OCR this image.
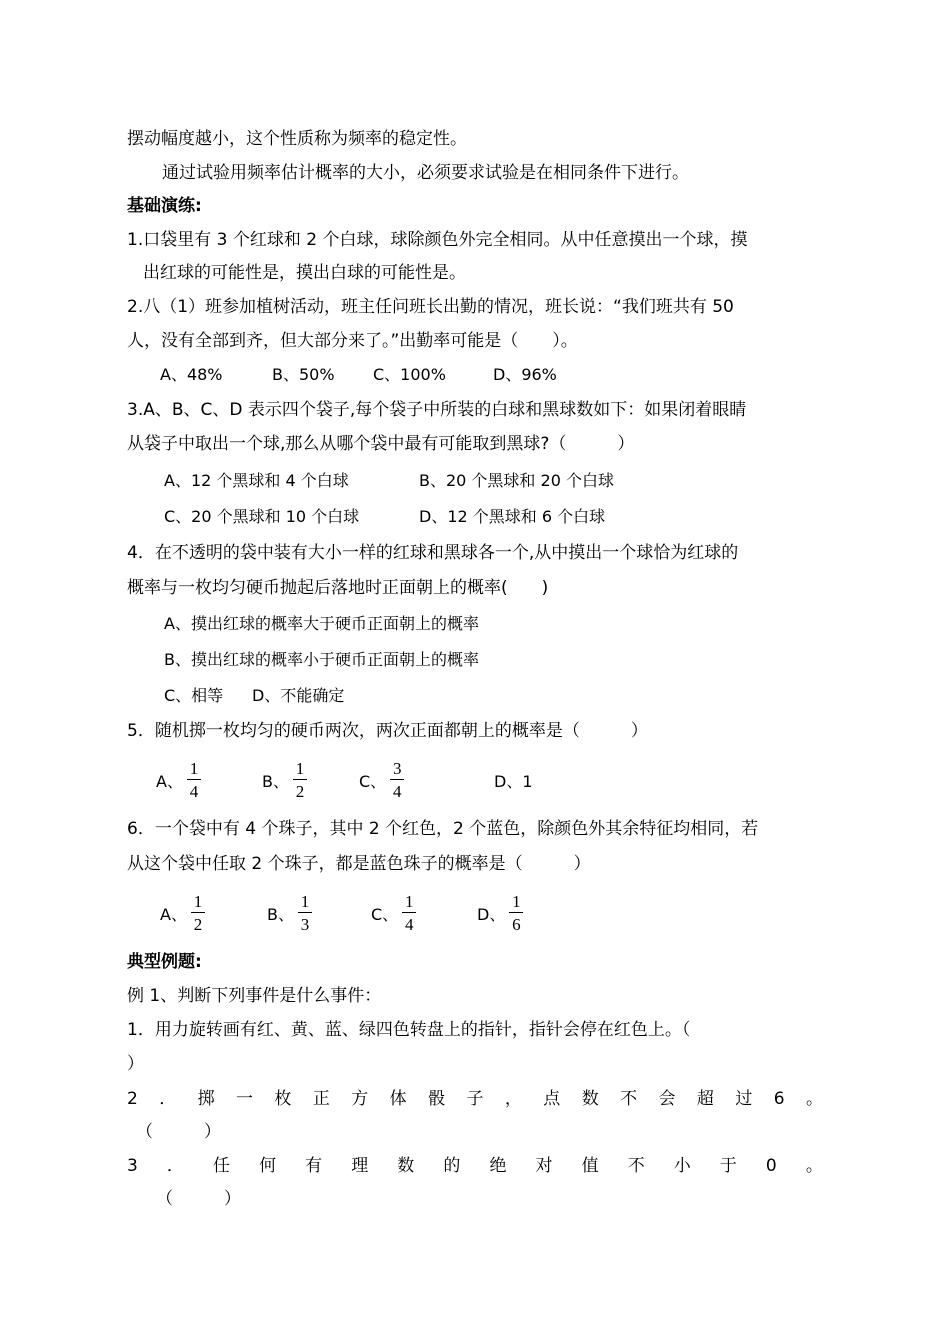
摆动幅度越小，这个性质称为频率的稳定性。
通过试验用频率估计概率的大小，必须要求试验是在相同条件下进行。
基础演练:
1.口袋里有 3 个红球和 2 个白球，球除颜色外完全相同。从中任意摸出一个球，摸
出红球的可能性是，摸出白球的可能性是。
2.八（1）班参加植树活动，班主任问班长出勤的情况，班长说：“我们班共有 50
人，没有全部到齐，但大部分来了。”出勤率可能是（　　）。
A、48%	B、50% C、100%	D、96%
3.A、B、C、D 表示四个袋子,每个袋子中所装的白球和黑球数如下：如果闭着眼睛
从袋子中取出一个球,那么从哪个袋中最有可能取到黑球?（　　　）
A、12 个黑球和 4 个白球	B、20 个黑球和 20 个白球
C、20 个黑球和 10 个白球	D、12 个黑球和 6 个白球
4．在不透明的袋中装有大小一样的红球和黑球各一个,从中摸出一个球恰为红球的
概率与一枚均匀硬币抛起后落地时正面朝上的概率(　　)
A、摸出红球的概率大于硬币正面朝上的概率
B、摸出红球的概率小于硬币正面朝上的概率
C、相等 D、不能确定
5．随机掷一枚均匀的硬币两次，两次正面都朝上的概率是（　　　）
A、 $\frac{1}{4}$	B、 $\frac{1}{2}$	C、 $\frac{3}{4}$	D、1
6．一个袋中有 4 个珠子，其中 2 个红色，2 个蓝色，除颜色外其余特征均相同，若
从这个袋中任取 2 个珠子，都是蓝色珠子的概率是（　　　）
A、 $\frac{1}{2}$	B、 $\frac{1}{3}$	C、 $\frac{1}{4}$	D、 $\frac{1}{6}$
典型例题:
例 1、判断下列事件是什么事件：
1．用力旋转画有红、黄、蓝、绿四色转盘上的指针，指针会停在红色上。（
）
2 ． 掷 一 枚 正 方 体 骰 子 ， 点 数 不 会 超 过 6 。
（　　　）
3 ． 任 何 有 理 数 的 绝 对 值 不 小 于 0 。
（　　　）
